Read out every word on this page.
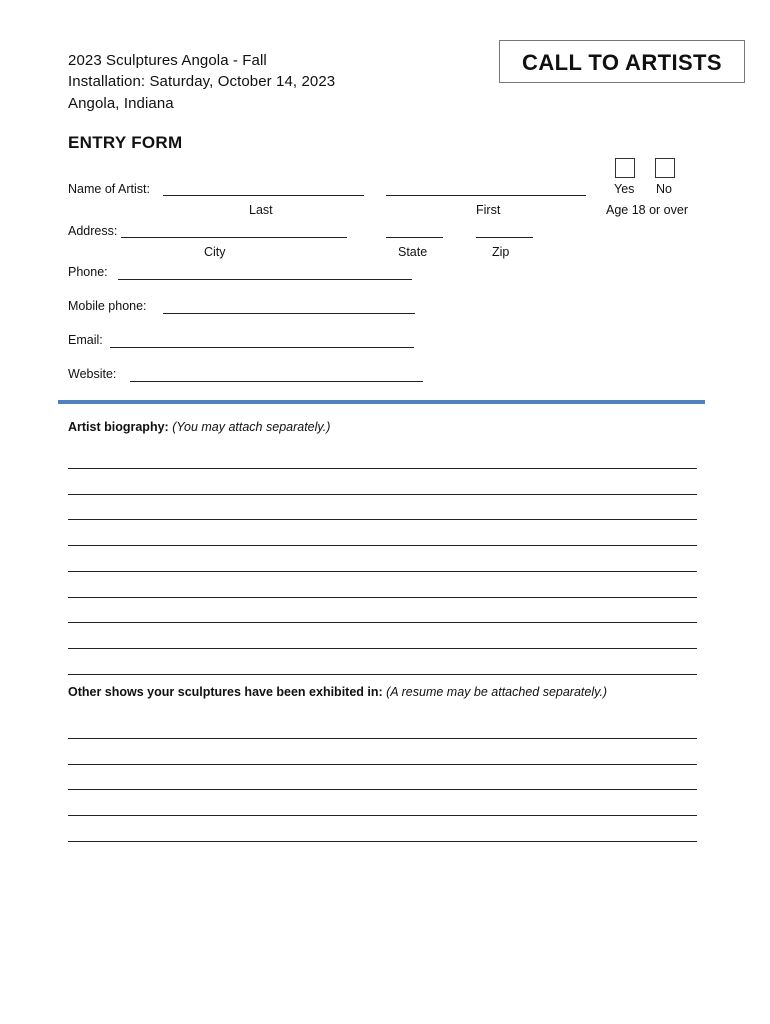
2023 Sculptures Angola - Fall
Installation: Saturday, October 14, 2023
Angola, Indiana
CALL TO ARTISTS
ENTRY FORM
Yes No
Age 18 or over
Name of Artist:
Last	First
Address:
City	State	Zip
Phone:
Mobile phone:
Email:
Website:
Artist biography: (You may attach separately.)
Other shows your sculptures have been exhibited in: (A resume may be attached separately.)
